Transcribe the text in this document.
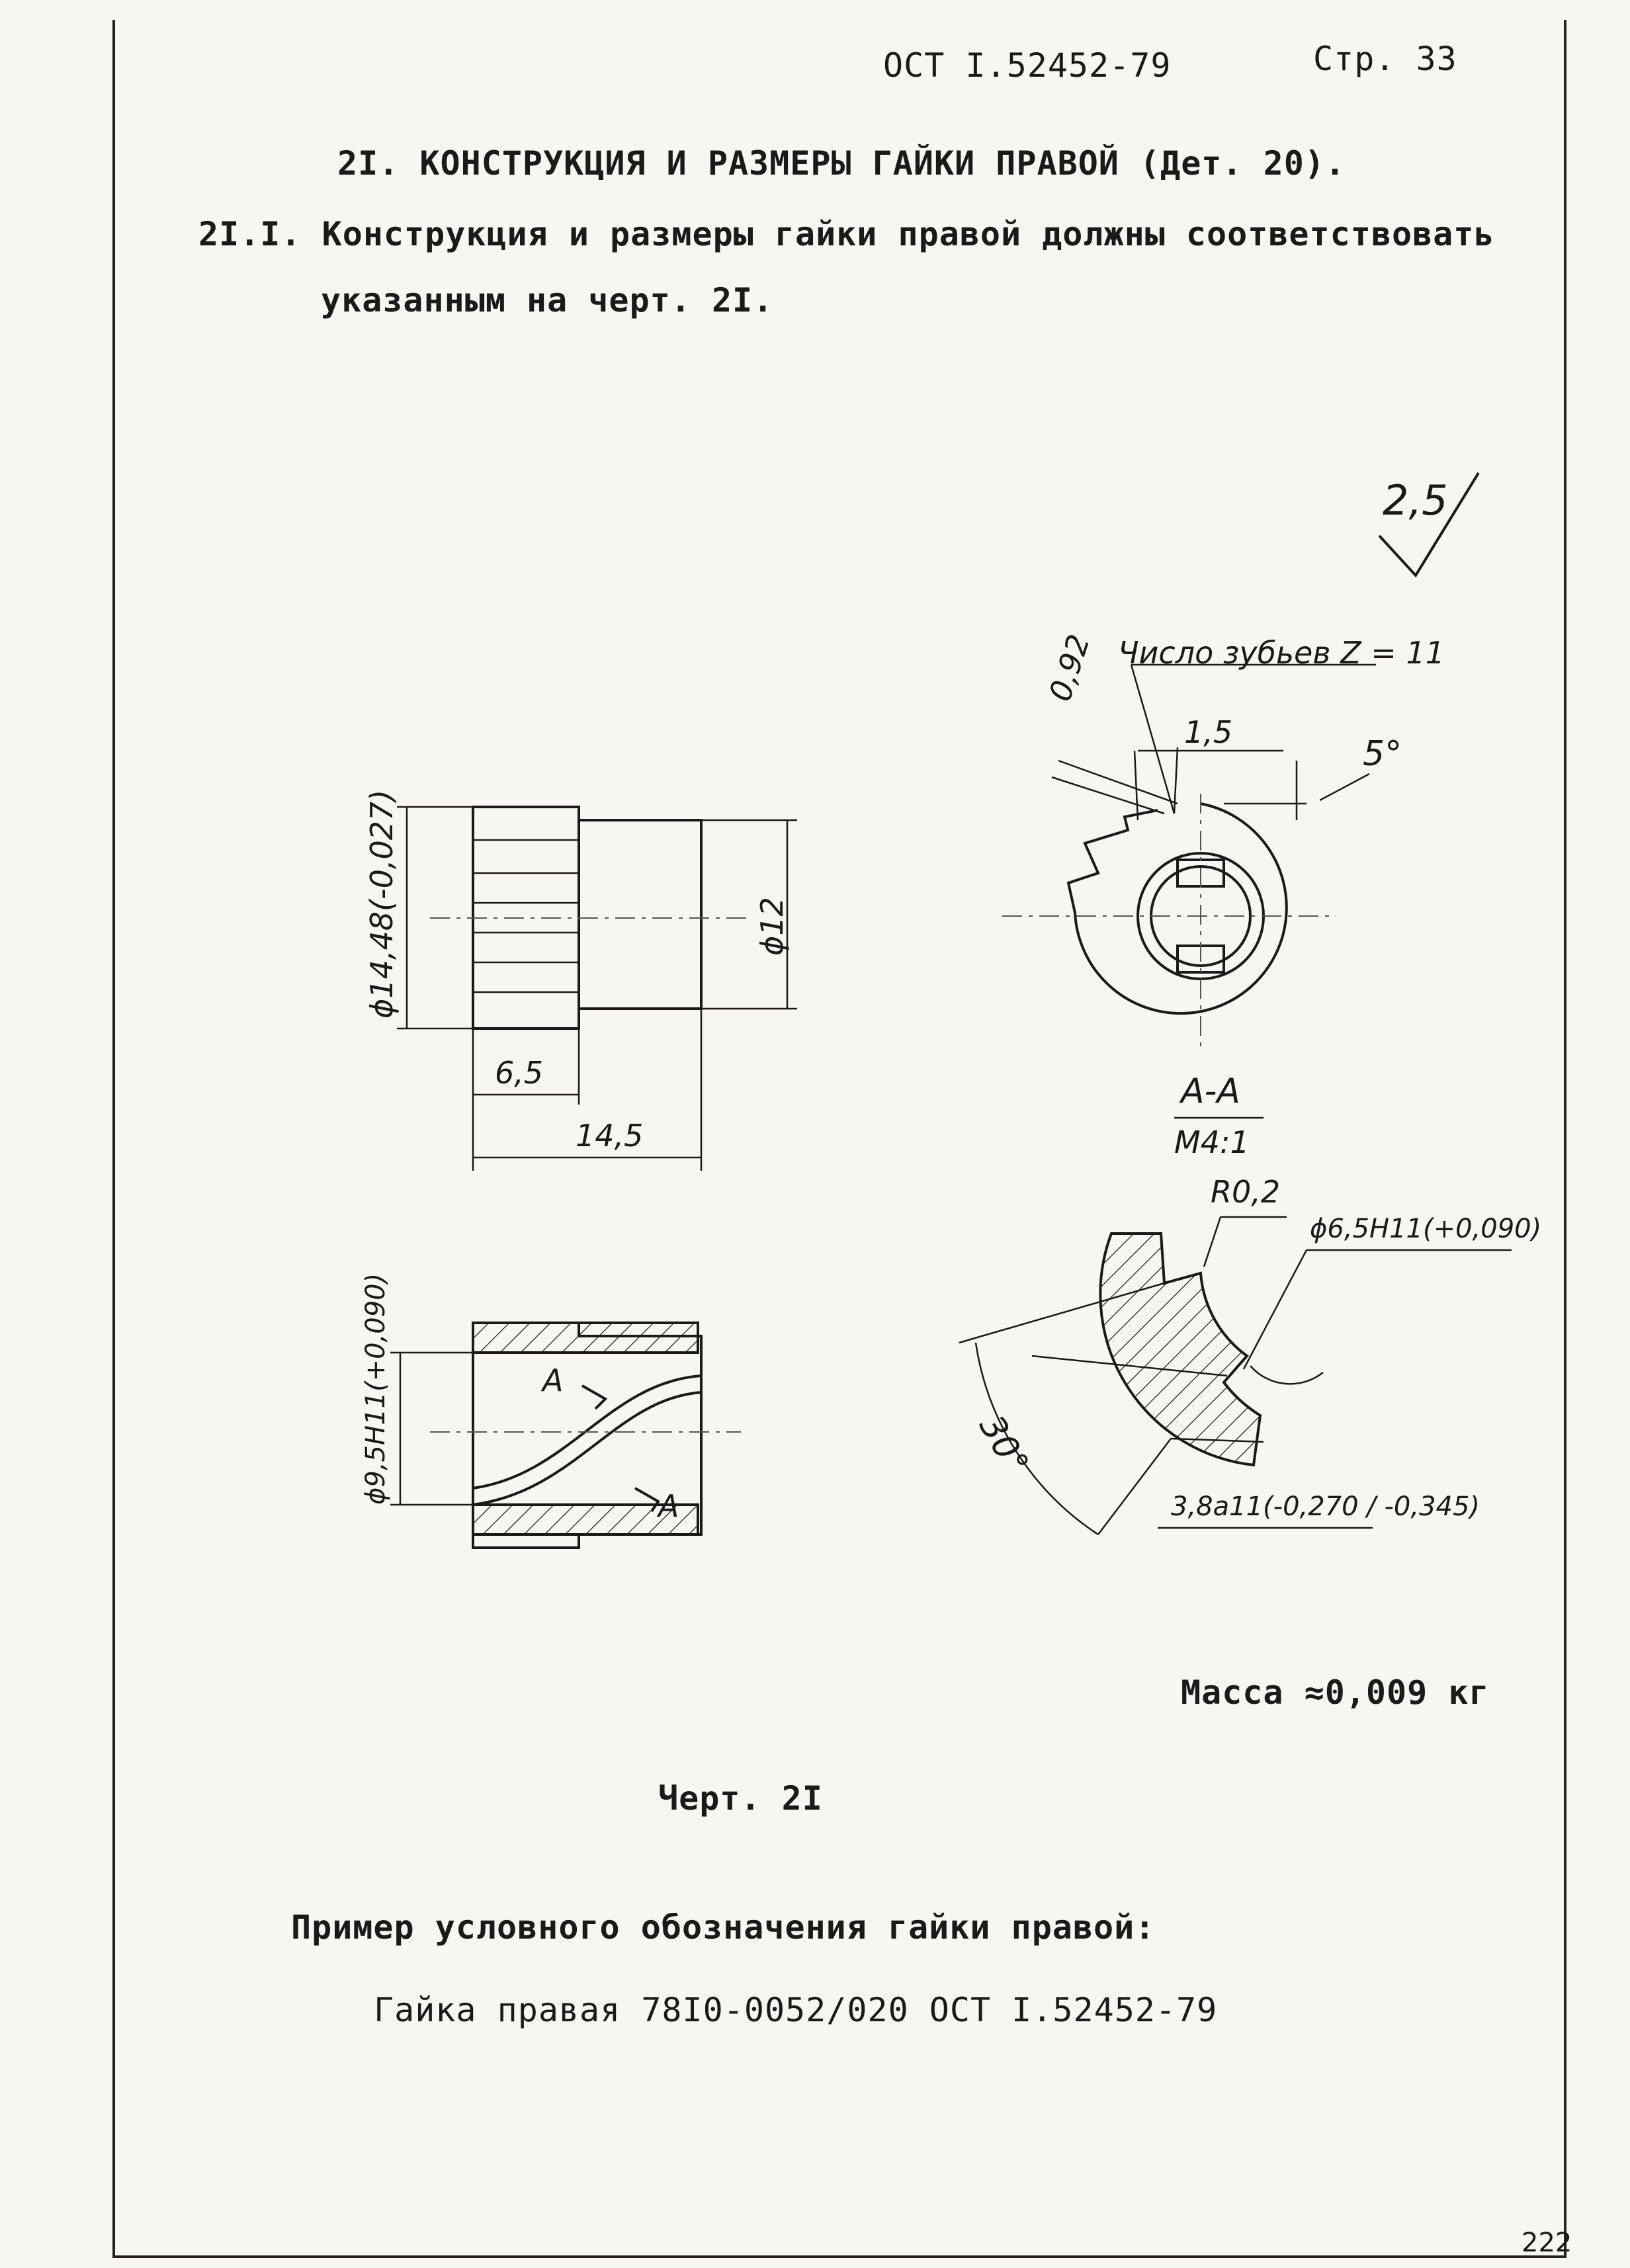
ОСТ I.52452-79	Стр. 33
2I. КОНСТРУКЦИЯ И РАЗМЕРЫ ГАЙКИ ПРАВОЙ (Дет. 20).
2I.I. Конструкция и размеры гайки правой должны соответствовать
указанным на черт. 2I.
2,5
Число зубьев Z = 11
0,92
1,5
5°
А-А
М4:1
ϕ14,48(-0,027)	ϕ12
6,5
14,5
ϕ9,5Н11(+0,090)	А
А
R0,2
ϕ6,5Н11(+0,090)
30°
3,8а11(-0,270 / -0,345)
Масса ≈0,009 кг
Черт. 2I
Пример условного обозначения гайки правой:
Гайка правая 78I0-0052/020 ОСТ I.52452-79
222
